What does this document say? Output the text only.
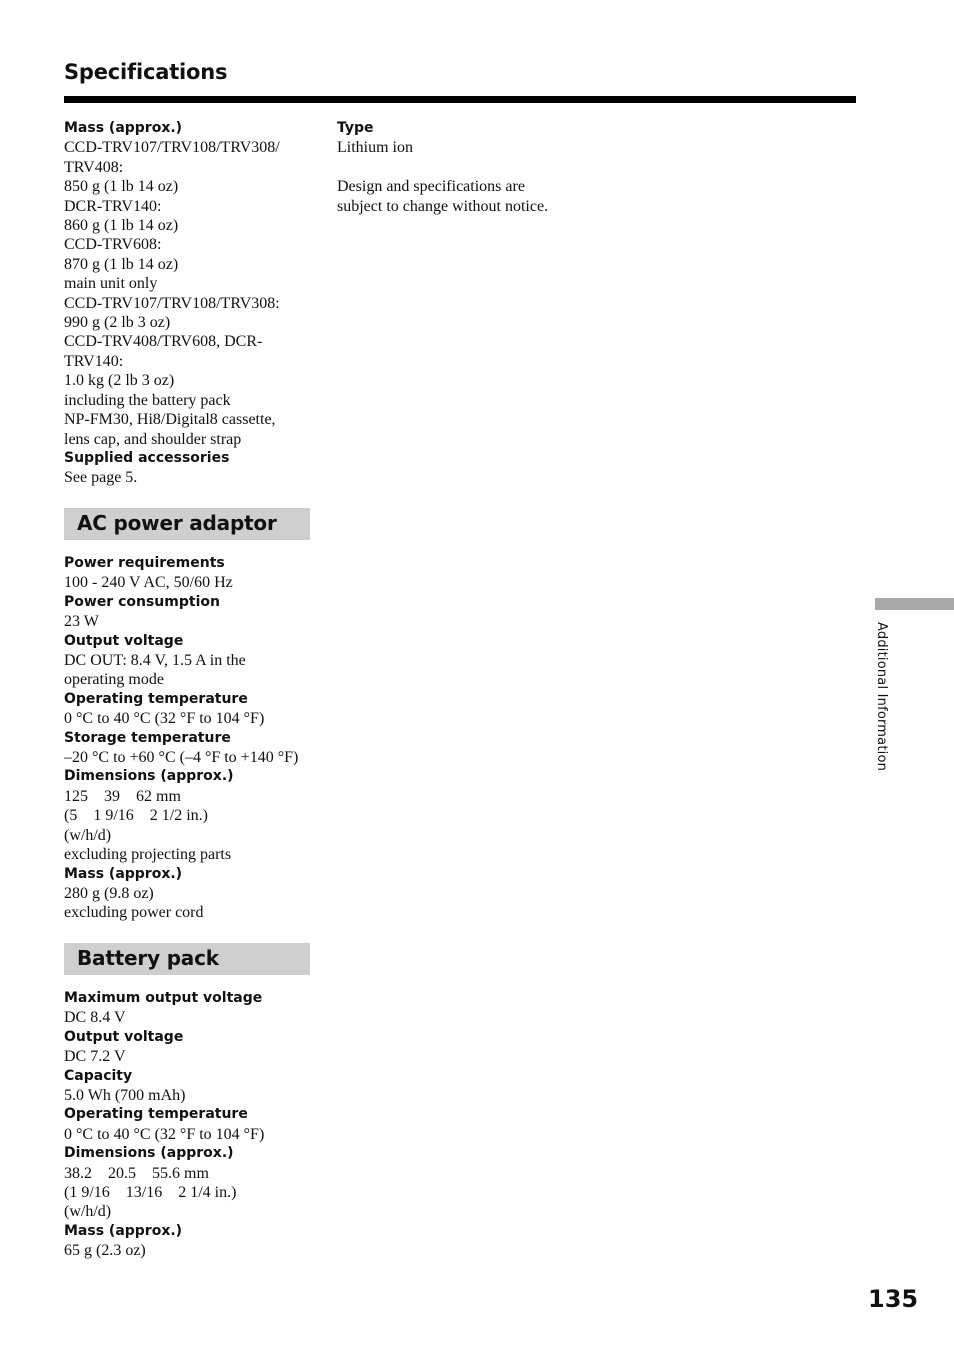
Specifications
Mass (approx.)
CCD-TRV107/TRV108/TRV308/
TRV408:
850 g (1 lb 14 oz)
DCR-TRV140:
860 g (1 lb 14 oz)
CCD-TRV608:
870 g (1 lb 14 oz)
main unit only
CCD-TRV107/TRV108/TRV308:
990 g (2 lb 3 oz)
CCD-TRV408/TRV608, DCR-
TRV140:
1.0 kg (2 lb 3 oz)
including the battery pack
NP-FM30, Hi8/Digital8 cassette,
lens cap, and shoulder strap
Supplied accessories
See page 5.
Type
Lithium ion
Design and specifications are
subject to change without notice.
AC power adaptor
Power requirements
100 - 240 V AC, 50/60 Hz
Power consumption
23 W
Output voltage
DC OUT: 8.4 V, 1.5 A in the
operating mode
Operating temperature
0 °C to 40 °C (32 °F to 104 °F)
Storage temperature
–20 °C to +60 °C (–4 °F to +140 °F)
Dimensions (approx.)
125    39    62 mm
(5    1 9/16    2 1/2 in.)
(w/h/d)
excluding projecting parts
Mass (approx.)
280 g (9.8 oz)
excluding power cord
Battery pack
Maximum output voltage
DC 8.4 V
Output voltage
DC 7.2 V
Capacity
5.0 Wh (700 mAh)
Operating temperature
0 °C to 40 °C (32 °F to 104 °F)
Dimensions (approx.)
38.2    20.5    55.6 mm
(1 9/16    13/16    2 1/4 in.)
(w/h/d)
Mass (approx.)
65 g (2.3 oz)
Additional Information
135
